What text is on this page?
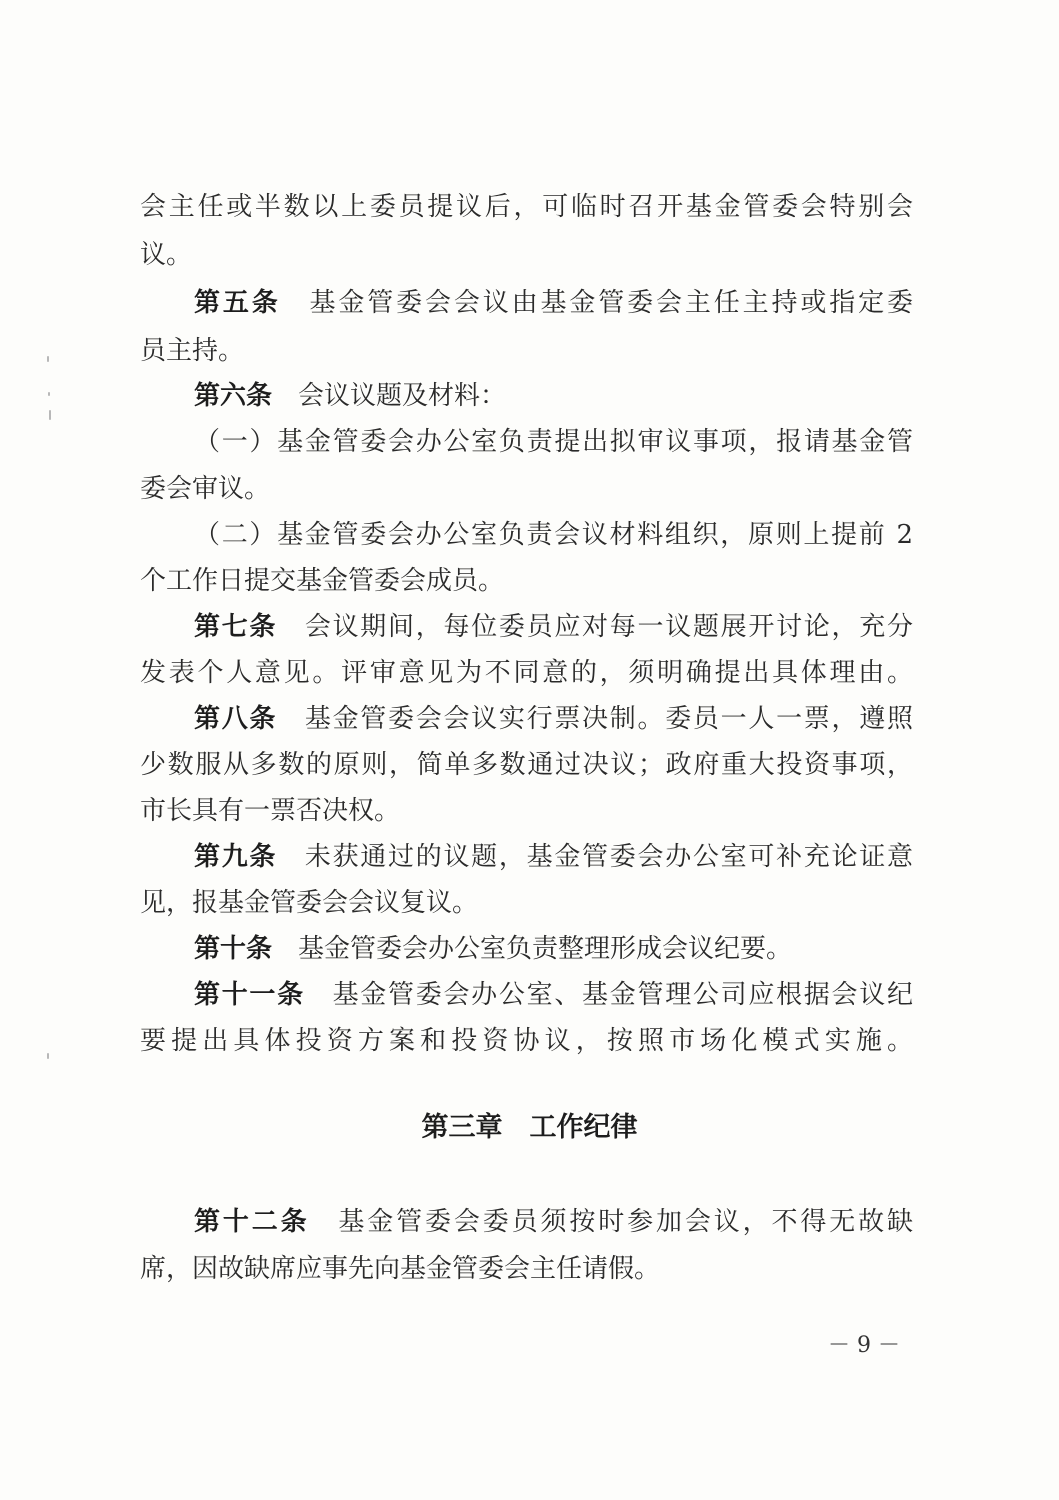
会主任或半数以上委员提议后，可临时召开基金管委会特别会
议。
第五条　 基金管委会会议由基金管委会主任主持或指定委
员主持。
第六条　 会议议题及材料：
（一）基金管委会办公室负责提出拟审议事项，报请基金管
委会审议。
（二）基金管委会办公室负责会议材料组织，原则上提前 2
个工作日提交基金管委会成员。
第七条　 会议期间，每位委员应对每一议题展开讨论，充分
发表个人意见。评审意见为不同意的，须明确提出具体理由。
第八条　 基金管委会会议实行票决制。委员一人一票，遵照
少数服从多数的原则，简单多数通过决议；政府重大投资事项，
市长具有一票否决权。
第九条　 未获通过的议题，基金管委会办公室可补充论证意
见，报基金管委会会议复议。
第十条　 基金管委会办公室负责整理形成会议纪要。
第十一条　 基金管委会办公室、基金管理公司应根据会议纪
要提出具体投资方案和投资协议，按照市场化模式实施。
第三章　工作纪律
第十二条　 基金管委会委员须按时参加会议，不得无故缺
席，因故缺席应事先向基金管委会主任请假。
－ 9 －
